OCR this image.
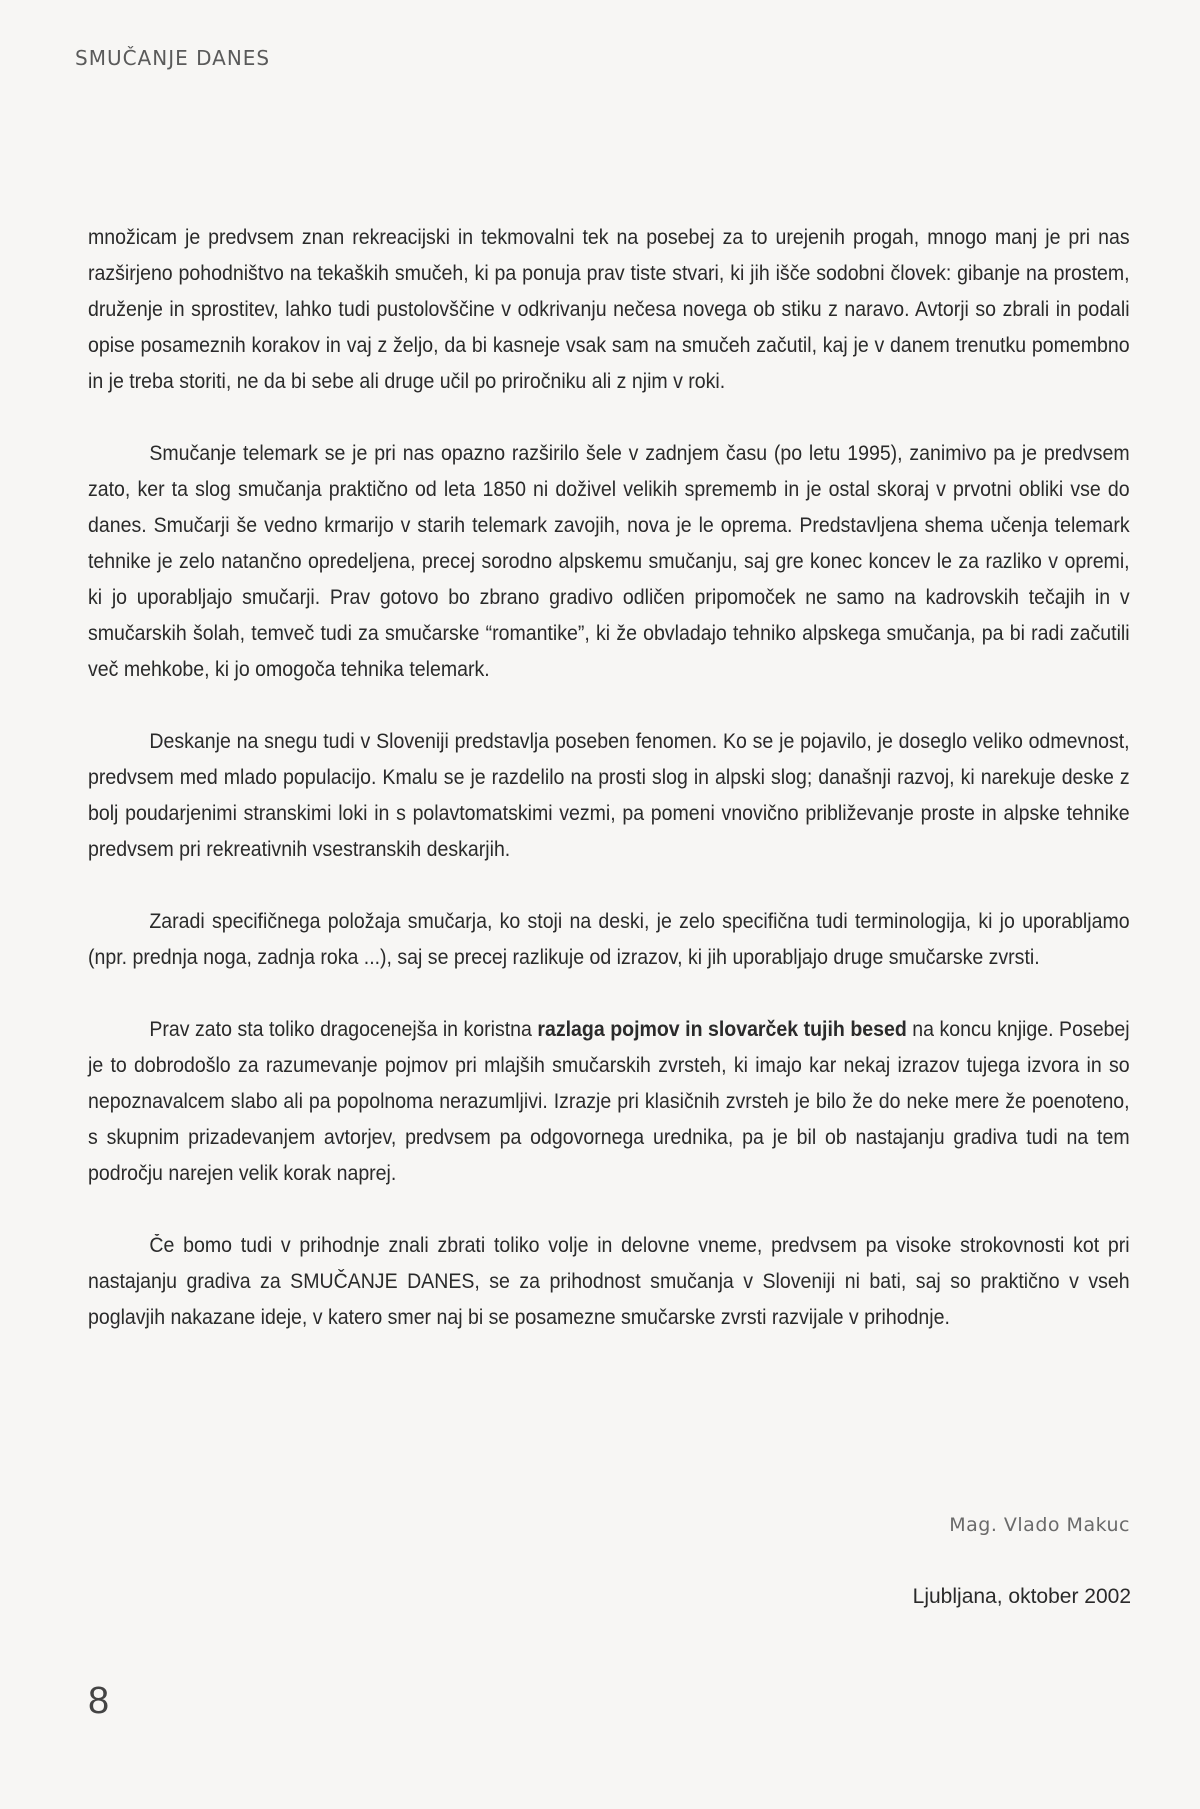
SMUČANJE DANES

množicam je predvsem znan rekreacijski in tekmovalni tek na posebej za to urejenih progah, mnogo manj je pri nas razširjeno pohodništvo na tekaških smučeh, ki pa ponuja prav tiste stvari, ki jih išče sodobni človek: gibanje na prostem, druženje in sprostitev, lahko tudi pustolovščine v odkrivanju nečesa novega ob stiku z naravo. Avtorji so zbrali in podali opise posameznih korakov in vaj z željo, da bi kasneje vsak sam na smučeh začutil, kaj je v danem trenutku pomembno in je treba storiti, ne da bi sebe ali druge učil po priročniku ali z njim v roki.

Smučanje telemark se je pri nas opazno razširilo šele v zadnjem času (po letu 1995), zanimivo pa je predvsem zato, ker ta slog smučanja praktično od leta 1850 ni doživel velikih sprememb in je ostal skoraj v prvotni obliki vse do danes. Smučarji še vedno krmarijo v starih telemark zavojih, nova je le oprema. Predstavljena shema učenja telemark tehnike je zelo natančno opredeljena, precej sorodno alpskemu smučanju, saj gre konec koncev le za razliko v opremi, ki jo uporabljajo smučarji. Prav gotovo bo zbrano gradivo odličen pripomoček ne samo na kadrovskih tečajih in v smučarskih šolah, temveč tudi za smučarske “romantike”, ki že obvladajo tehniko alpskega smučanja, pa bi radi začutili več mehkobe, ki jo omogoča tehnika telemark.

Deskanje na snegu tudi v Sloveniji predstavlja poseben fenomen. Ko se je pojavilo, je doseglo veliko odmevnost, predvsem med mlado populacijo. Kmalu se je razdelilo na prosti slog in alpski slog; današnji razvoj, ki narekuje deske z bolj poudarjenimi stranskimi loki in s polavtomatskimi vezmi, pa pomeni vnovično približevanje proste in alpske tehnike predvsem pri rekreativnih vsestranskih deskarjih.

Zaradi specifičnega položaja smučarja, ko stoji na deski, je zelo specifična tudi terminologija, ki jo uporabljamo (npr. prednja noga, zadnja roka ...), saj se precej razlikuje od izrazov, ki jih uporabljajo druge smučarske zvrsti.

Prav zato sta toliko dragocenejša in koristna razlaga pojmov in slovarček tujih besed na koncu knjige. Posebej je to dobrodošlo za razumevanje pojmov pri mlajših smučarskih zvrsteh, ki imajo kar nekaj izrazov tujega izvora in so nepoznavalcem slabo ali pa popolnoma nerazumljivi. Izrazje pri klasičnih zvrsteh je bilo že do neke mere že poenoteno, s skupnim prizadevanjem avtorjev, predvsem pa odgovornega urednika, pa je bil ob nastajanju gradiva tudi na tem področju narejen velik korak naprej.

Če bomo tudi v prihodnje znali zbrati toliko volje in delovne vneme, predvsem pa visoke strokovnosti kot pri nastajanju gradiva za SMUČANJE DANES, se za prihodnost smučanja v Sloveniji ni bati, saj so praktično v vseh poglavjih nakazane ideje, v katero smer naj bi se posamezne smučarske zvrsti razvijale v prihodnje.

Mag. Vlado Makuc
Ljubljana, oktober 2002
8
